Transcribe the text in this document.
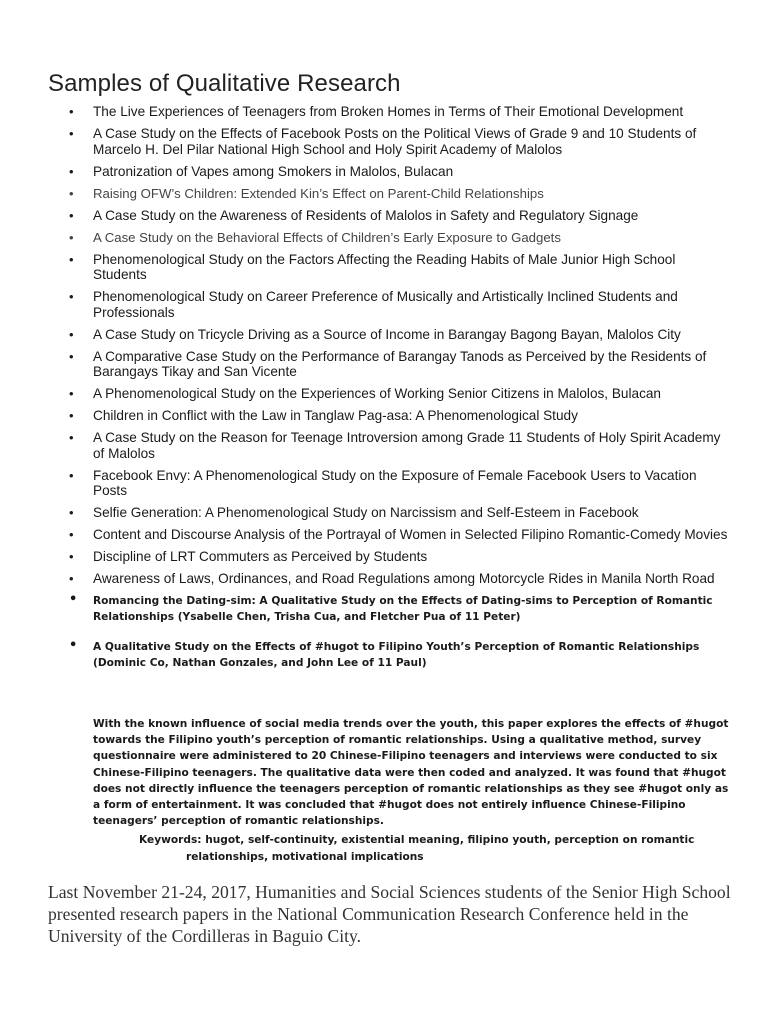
Samples of Qualitative Research
• The Live Experiences of Teenagers from Broken Homes in Terms of Their Emotional Development
• A Case Study on the Effects of Facebook Posts on the Political Views of Grade 9 and 10 Students of Marcelo H. Del Pilar National High School and Holy Spirit Academy of Malolos
• Patronization of Vapes among Smokers in Malolos, Bulacan
• Raising OFW’s Children: Extended Kin’s Effect on Parent-Child Relationships
• A Case Study on the Awareness of Residents of Malolos in Safety and Regulatory Signage
• A Case Study on the Behavioral Effects of Children’s Early Exposure to Gadgets
• Phenomenological Study on the Factors Affecting the Reading Habits of Male Junior High School Students
• Phenomenological Study on Career Preference of Musically and Artistically Inclined Students and Professionals
• A Case Study on Tricycle Driving as a Source of Income in Barangay Bagong Bayan, Malolos City
• A Comparative Case Study on the Performance of Barangay Tanods as Perceived by the Residents of Barangays Tikay and San Vicente
• A Phenomenological Study on the Experiences of Working Senior Citizens in Malolos, Bulacan
• Children in Conflict with the Law in Tanglaw Pag-asa: A Phenomenological Study
• A Case Study on the Reason for Teenage Introversion among Grade 11 Students of Holy Spirit Academy of Malolos
• Facebook Envy: A Phenomenological Study on the Exposure of Female Facebook Users to Vacation Posts
• Selfie Generation: A Phenomenological Study on Narcissism and Self-Esteem in Facebook
• Content and Discourse Analysis of the Portrayal of Women in Selected Filipino Romantic-Comedy Movies
• Discipline of LRT Commuters as Perceived by Students
• Awareness of Laws, Ordinances, and Road Regulations among Motorcycle Rides in Manila North Road
• Romancing the Dating-sim: A Qualitative Study on the Effects of Dating-sims to Perception of Romantic Relationships (Ysabelle Chen, Trisha Cua, and Fletcher Pua of 11 Peter)
• A Qualitative Study on the Effects of #hugot to Filipino Youth’s Perception of Romantic Relationships (Dominic Co, Nathan Gonzales, and John Lee of 11 Paul)

With the known influence of social media trends over the youth, this paper explores the effects of #hugot towards the Filipino youth’s perception of romantic relationships. Using a qualitative method, survey questionnaire were administered to 20 Chinese-Filipino teenagers and interviews were conducted to six Chinese-Filipino teenagers. The qualitative data were then coded and analyzed. It was found that #hugot does not directly influence the teenagers perception of romantic relationships as they see #hugot only as a form of entertainment. It was concluded that #hugot does not entirely influence Chinese-Filipino teenagers’ perception of romantic relationships.

Keywords: hugot, self-continuity, existential meaning, filipino youth, perception on romantic
relationships, motivational implications

Last November 21-24, 2017, Humanities and Social Sciences students of the Senior High School presented research papers in the National Communication Research Conference held in the University of the Cordilleras in Baguio City.
